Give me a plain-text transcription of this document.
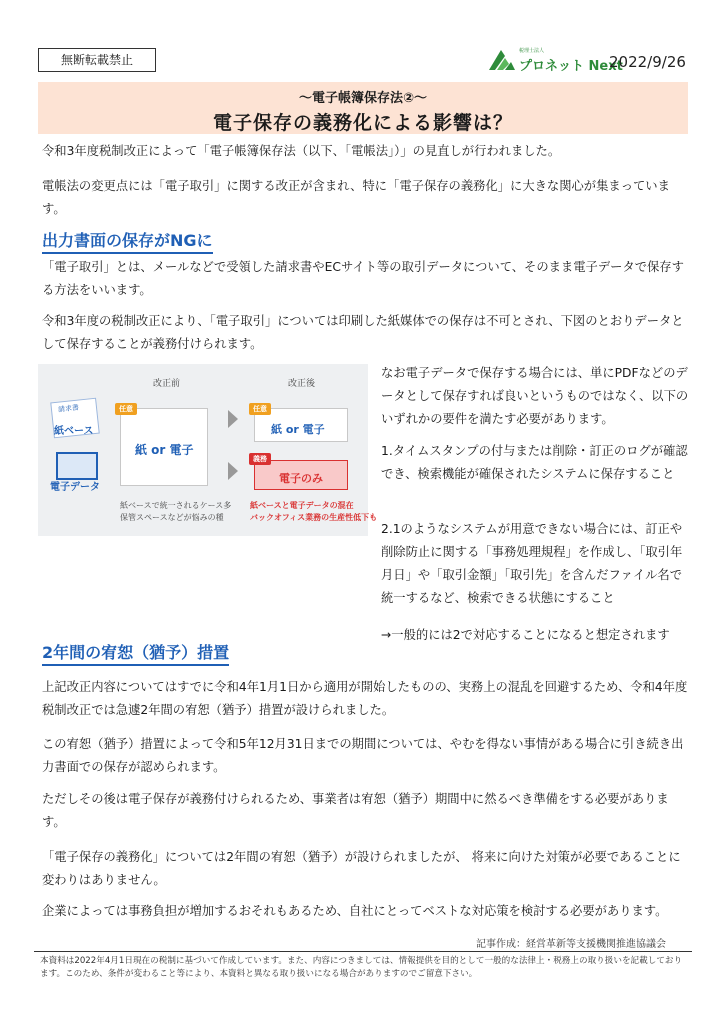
無断転載禁止
税理士法人
プロネット Next
2022/9/26
～電子帳簿保存法②～
電子保存の義務化による影響は？
令和3年度税制改正によって「電子帳簿保存法（以下、「電帳法」）」の見直しが行われました。
電帳法の変更点には「電子取引」に関する改正が含まれ、特に「電子保存の義務化」に大きな関心が集まっています。
出力書面の保存がNGに
「電子取引」とは、メールなどで受領した請求書やECサイト等の取引データについて、そのまま電子データで保存する方法をいいます。
令和3年度の税制改正により、「電子取引」については印刷した紙媒体での保存は不可とされ、下図のとおりデータとして保存することが義務付けられます。
改正前	改正後
請求書
紙ベース
電子データ
任意
紙 or 電子
紙ベースで統一されるケース多
保管スペースなどが悩みの種
任意
紙 or 電子
義務
電子のみ
紙ベースと電子データの混在
バックオフィス業務の生産性低下も
なお電子データで保存する場合には、単にPDFなどのデータとして保存すれば良いというものではなく、以下のいずれかの要件を満たす必要があります。
1.タイムスタンプの付与または削除・訂正のログが確認でき、検索機能が確保されたシステムに保存すること
2.1のようなシステムが用意できない場合には、訂正や削除防止に関する「事務処理規程」を作成し、「取引年月日」や「取引金額」「取引先」を含んだファイル名で統一するなど、検索できる状態にすること
→一般的には2で対応することになると想定されます
2年間の宥恕（猶予）措置
上記改正内容についてはすでに令和4年1月1日から適用が開始したものの、実務上の混乱を回避するため、令和4年度税制改正では急遽2年間の宥恕（猶予）措置が設けられました。
この宥恕（猶予）措置によって令和5年12月31日までの期間については、やむを得ない事情がある場合に引き続き出力書面での保存が認められます。
ただしその後は電子保存が義務付けられるため、事業者は宥恕（猶予）期間中に然るべき準備をする必要があります。
「電子保存の義務化」については2年間の宥恕（猶予）が設けられましたが、 将来に向けた対策が必要であることに変わりはありません。
企業によっては事務負担が増加するおそれもあるため、自社にとってベストな対応策を検討する必要があります。
記事作成：経営革新等支援機関推進協議会
本資料は2022年4月1日現在の税制に基づいて作成しています。また、内容につきましては、情報提供を目的として一般的な法律上・税務上の取り扱いを記載しております。このため、条件が変わること等により、本資料と異なる取り扱いになる場合がありますのでご留意下さい。
